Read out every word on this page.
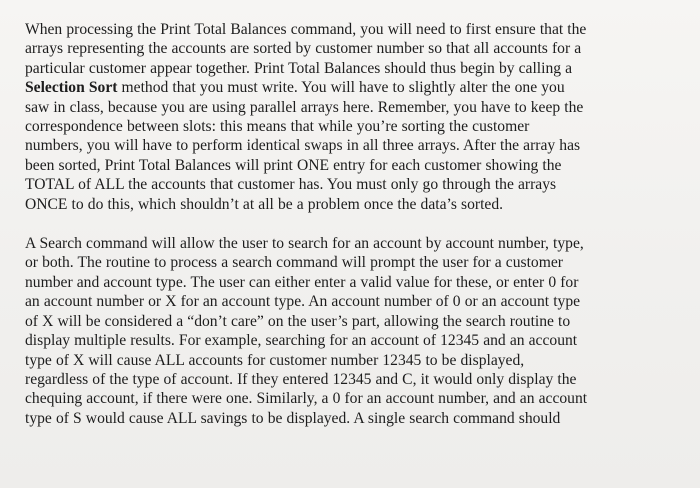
When processing the Print Total Balances command, you will need to first ensure that the
arrays representing the accounts are sorted by customer number so that all accounts for a
particular customer appear together. Print Total Balances should thus begin by calling a
Selection Sort method that you must write. You will have to slightly alter the one you
saw in class, because you are using parallel arrays here. Remember, you have to keep the
correspondence between slots: this means that while you’re sorting the customer
numbers, you will have to perform identical swaps in all three arrays. After the array has
been sorted, Print Total Balances will print ONE entry for each customer showing the
TOTAL of ALL the accounts that customer has. You must only go through the arrays
ONCE to do this, which shouldn’t at all be a problem once the data’s sorted.

A Search command will allow the user to search for an account by account number, type,
or both. The routine to process a search command will prompt the user for a customer
number and account type. The user can either enter a valid value for these, or enter 0 for
an account number or X for an account type. An account number of 0 or an account type
of X will be considered a “don’t care” on the user’s part, allowing the search routine to
display multiple results. For example, searching for an account of 12345 and an account
type of X will cause ALL accounts for customer number 12345 to be displayed,
regardless of the type of account. If they entered 12345 and C, it would only display the
chequing account, if there were one. Similarly, a 0 for an account number, and an account
type of S would cause ALL savings to be displayed. A single search command should
